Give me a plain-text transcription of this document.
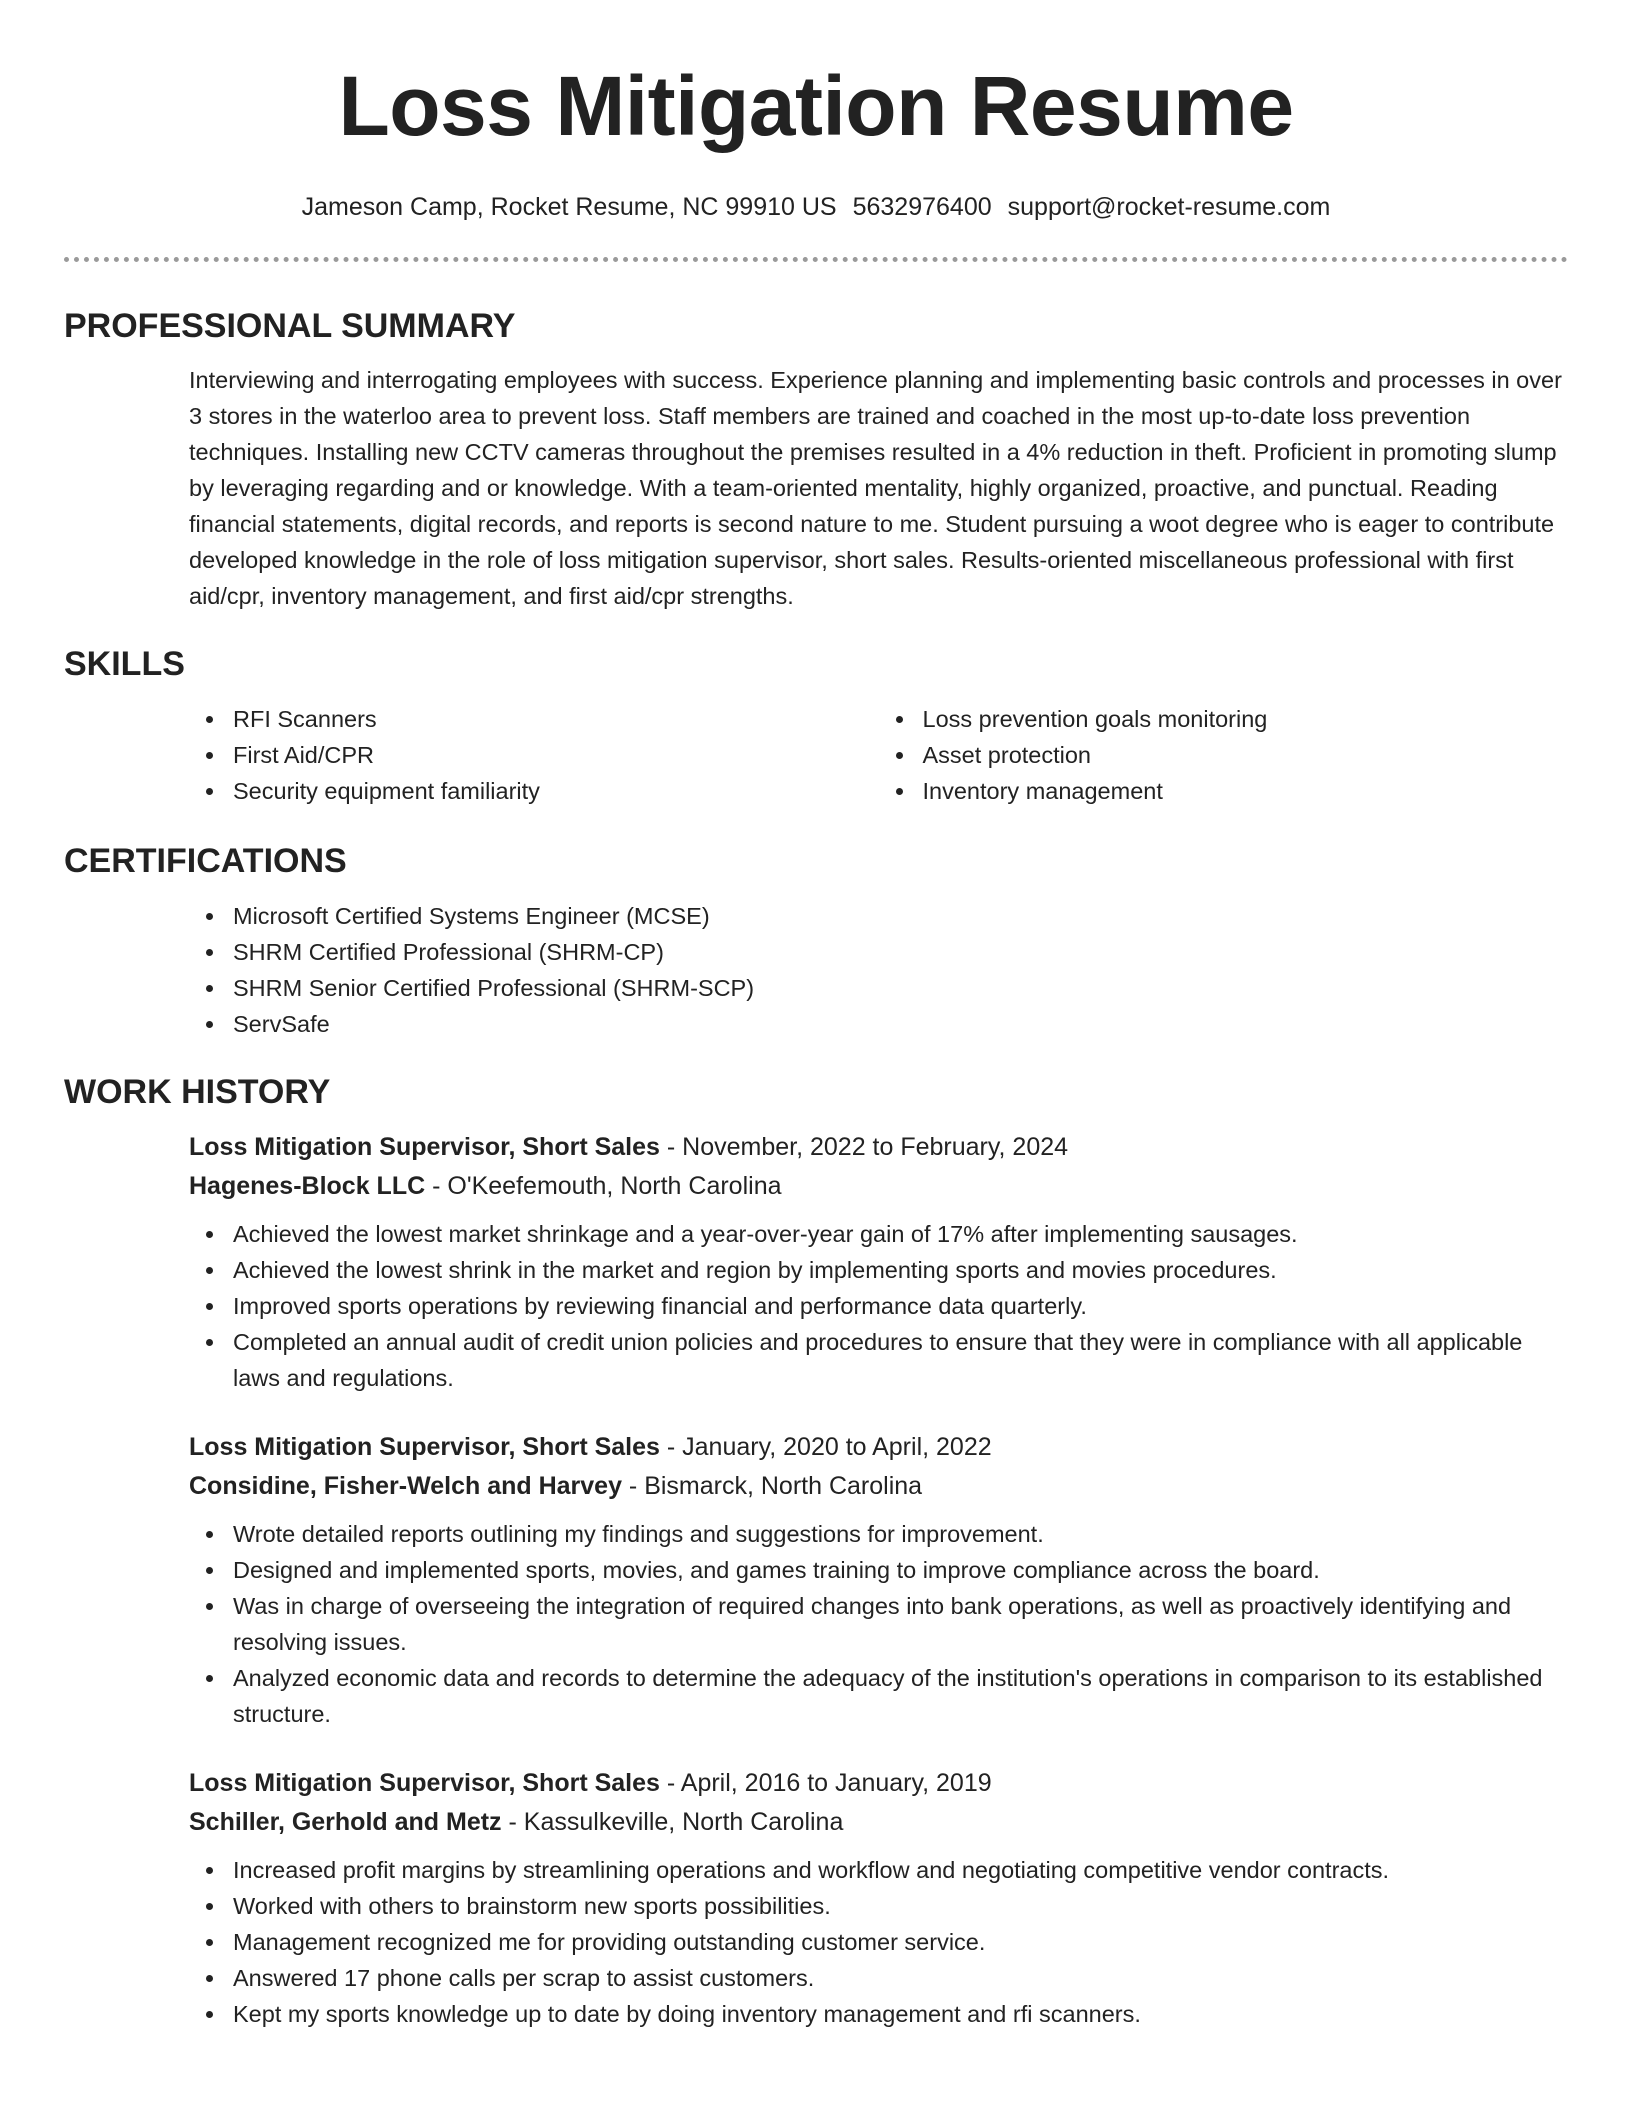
Loss Mitigation Resume
Jameson Camp, Rocket Resume, NC 99910 US 5632976400 support@rocket-resume.com
PROFESSIONAL SUMMARY
Interviewing and interrogating employees with success. Experience planning and implementing basic controls and processes in over 3 stores in the waterloo area to prevent loss. Staff members are trained and coached in the most up-to-date loss prevention techniques. Installing new CCTV cameras throughout the premises resulted in a 4% reduction in theft. Proficient in promoting slump by leveraging regarding and or knowledge. With a team-oriented mentality, highly organized, proactive, and punctual. Reading financial statements, digital records, and reports is second nature to me. Student pursuing a woot degree who is eager to contribute developed knowledge in the role of loss mitigation supervisor, short sales. Results-oriented miscellaneous professional with first aid/cpr, inventory management, and first aid/cpr strengths.
SKILLS
RFI Scanners
First Aid/CPR
Security equipment familiarity
Loss prevention goals monitoring
Asset protection
Inventory management
CERTIFICATIONS
Microsoft Certified Systems Engineer (MCSE)
SHRM Certified Professional (SHRM-CP)
SHRM Senior Certified Professional (SHRM-SCP)
ServSafe
WORK HISTORY
Loss Mitigation Supervisor, Short Sales - November, 2022 to February, 2024
Hagenes-Block LLC - O'Keefemouth, North Carolina
Achieved the lowest market shrinkage and a year-over-year gain of 17% after implementing sausages.
Achieved the lowest shrink in the market and region by implementing sports and movies procedures.
Improved sports operations by reviewing financial and performance data quarterly.
Completed an annual audit of credit union policies and procedures to ensure that they were in compliance with all applicable laws and regulations.
Loss Mitigation Supervisor, Short Sales - January, 2020 to April, 2022
Considine, Fisher-Welch and Harvey - Bismarck, North Carolina
Wrote detailed reports outlining my findings and suggestions for improvement.
Designed and implemented sports, movies, and games training to improve compliance across the board.
Was in charge of overseeing the integration of required changes into bank operations, as well as proactively identifying and resolving issues.
Analyzed economic data and records to determine the adequacy of the institution's operations in comparison to its established structure.
Loss Mitigation Supervisor, Short Sales - April, 2016 to January, 2019
Schiller, Gerhold and Metz - Kassulkeville, North Carolina
Increased profit margins by streamlining operations and workflow and negotiating competitive vendor contracts.
Worked with others to brainstorm new sports possibilities.
Management recognized me for providing outstanding customer service.
Answered 17 phone calls per scrap to assist customers.
Kept my sports knowledge up to date by doing inventory management and rfi scanners.
